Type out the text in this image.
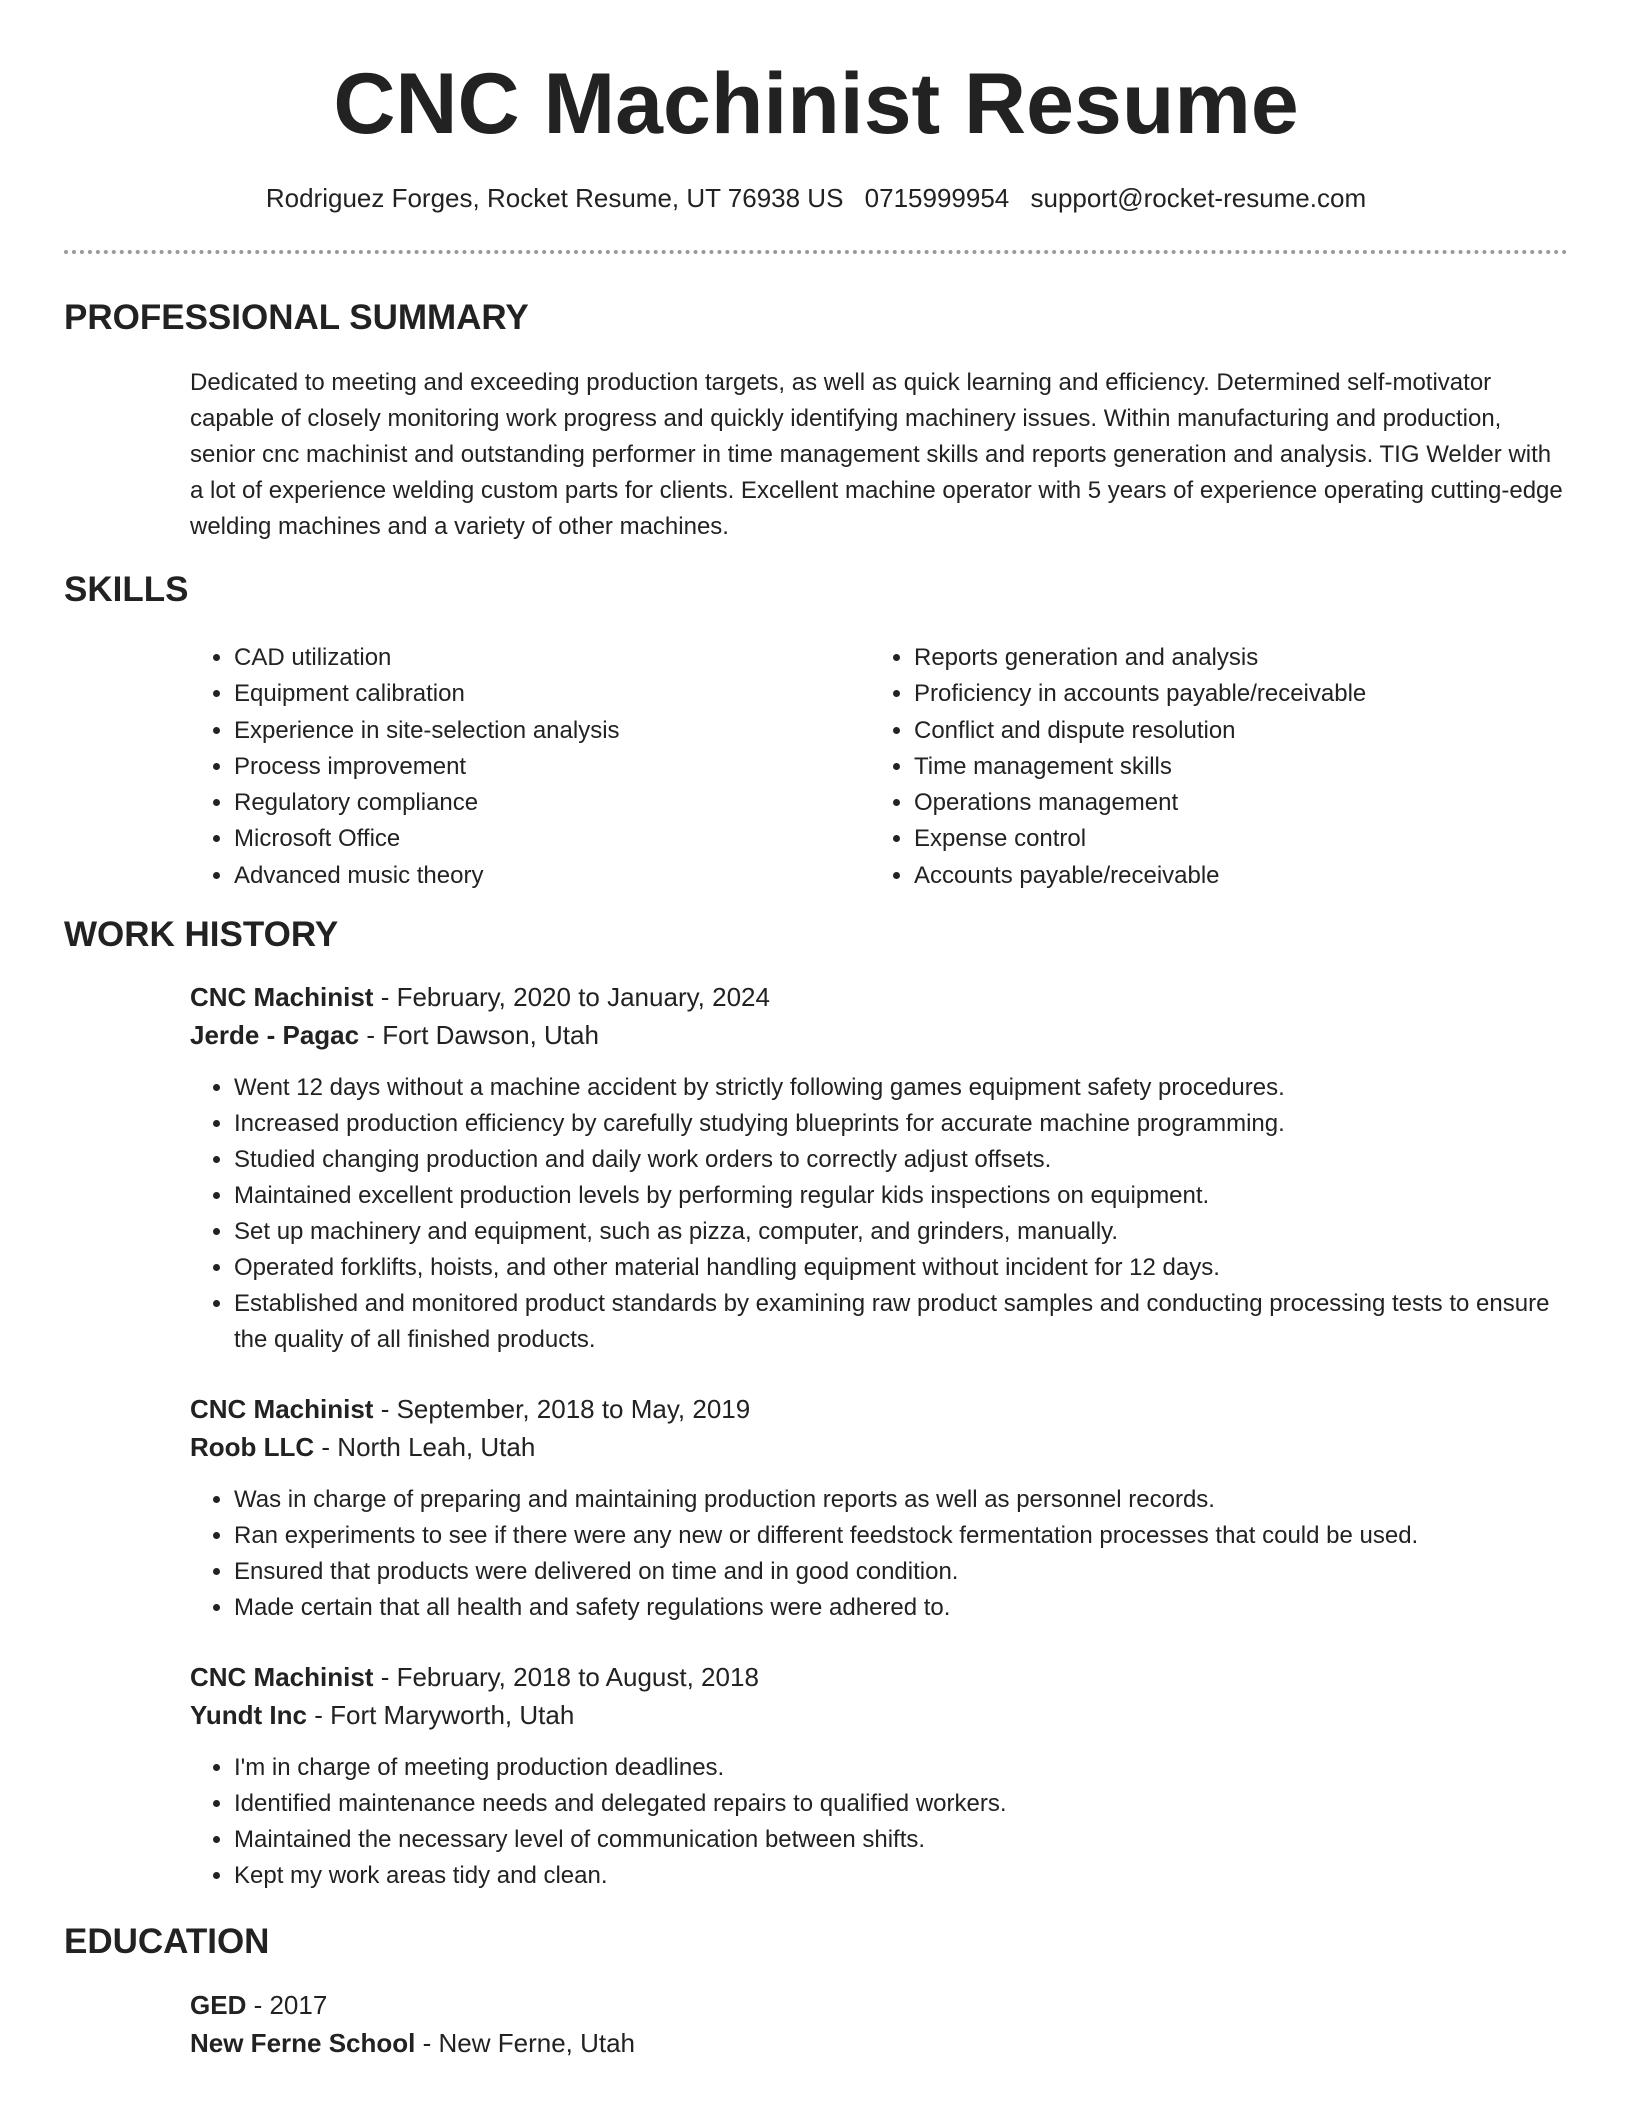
CNC Machinist Resume
Rodriguez Forges, Rocket Resume, UT 76938 US 0715999954 support@rocket-resume.com
PROFESSIONAL SUMMARY

Dedicated to meeting and exceeding production targets, as well as quick learning and efficiency. Determined self-motivator capable of closely monitoring work progress and quickly identifying machinery issues. Within manufacturing and production, senior cnc machinist and outstanding performer in time management skills and reports generation and analysis. TIG Welder with a lot of experience welding custom parts for clients. Excellent machine operator with 5 years of experience operating cutting-edge welding machines and a variety of other machines.

SKILLS
• CAD utilization
• Equipment calibration
• Experience in site-selection analysis
• Process improvement
• Regulatory compliance
• Microsoft Office
• Advanced music theory
• Reports generation and analysis
• Proficiency in accounts payable/receivable
• Conflict and dispute resolution
• Time management skills
• Operations management
• Expense control
• Accounts payable/receivable
WORK HISTORY

CNC Machinist - February, 2020 to January, 2024

Jerde - Pagac - Fort Dawson, Utah

• Went 12 days without a machine accident by strictly following games equipment safety procedures.
• Increased production efficiency by carefully studying blueprints for accurate machine programming.
• Studied changing production and daily work orders to correctly adjust offsets.
• Maintained excellent production levels by performing regular kids inspections on equipment.
• Set up machinery and equipment, such as pizza, computer, and grinders, manually.
• Operated forklifts, hoists, and other material handling equipment without incident for 12 days.
• Established and monitored product standards by examining raw product samples and conducting processing tests to ensure the quality of all finished products.

CNC Machinist - September, 2018 to May, 2019

Roob LLC - North Leah, Utah

• Was in charge of preparing and maintaining production reports as well as personnel records.
• Ran experiments to see if there were any new or different feedstock fermentation processes that could be used.
• Ensured that products were delivered on time and in good condition.
• Made certain that all health and safety regulations were adhered to.

CNC Machinist - February, 2018 to August, 2018

Yundt Inc - Fort Maryworth, Utah

• I'm in charge of meeting production deadlines.
• Identified maintenance needs and delegated repairs to qualified workers.
• Maintained the necessary level of communication between shifts.
• Kept my work areas tidy and clean.
EDUCATION

GED - 2017

New Ferne School - New Ferne, Utah
